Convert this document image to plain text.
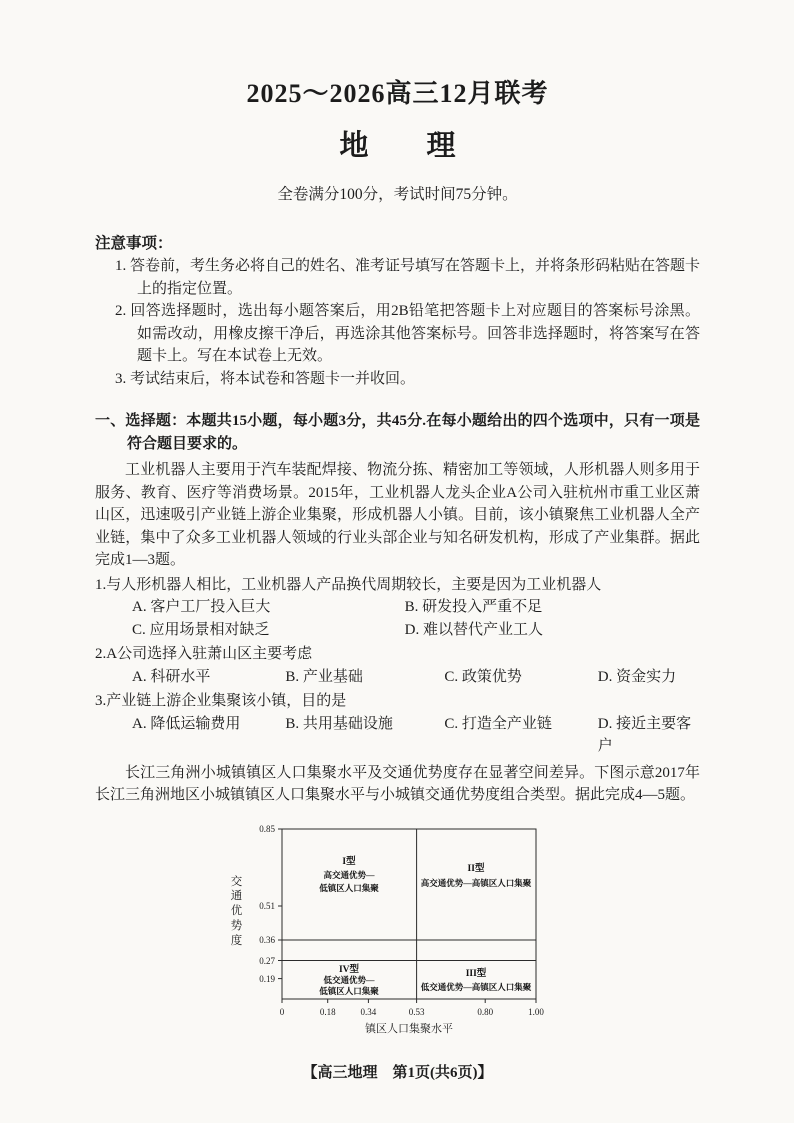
2025～2026高三12月联考
地　　理
全卷满分100分，考试时间75分钟。
注意事项：
1. 答卷前，考生务必将自己的姓名、准考证号填写在答题卡上，并将条形码粘贴在答题卡上的指定位置。
2. 回答选择题时，选出每小题答案后，用2B铅笔把答题卡上对应题目的答案标号涂黑。如需改动，用橡皮擦干净后，再选涂其他答案标号。回答非选择题时，将答案写在答题卡上。写在本试卷上无效。
3. 考试结束后，将本试卷和答题卡一并收回。
一、选择题：本题共15小题，每小题3分，共45分.在每小题给出的四个选项中，只有一项是符合题目要求的。
工业机器人主要用于汽车装配焊接、物流分拣、精密加工等领域，人形机器人则多用于服务、教育、医疗等消费场景。2015年，工业机器人龙头企业A公司入驻杭州市重工业区萧山区，迅速吸引产业链上游企业集聚，形成机器人小镇。目前，该小镇聚焦工业机器人全产业链，集中了众多工业机器人领域的行业头部企业与知名研发机构，形成了产业集群。据此完成1—3题。
1.与人形机器人相比，工业机器人产品换代周期较长，主要是因为工业机器人
A. 客户工厂投入巨大	B. 研发投入严重不足
C. 应用场景相对缺乏	D. 难以替代产业工人
2.A公司选择入驻萧山区主要考虑
A. 科研水平	B. 产业基础	C. 政策优势	D. 资金实力
3.产业链上游企业集聚该小镇，目的是
A. 降低运输费用	B. 共用基础设施	C. 打造全产业链	D. 接近主要客户
长江三角洲小城镇镇区人口集聚水平及交通优势度存在显著空间差异。下图示意2017年长江三角洲地区小城镇镇区人口集聚水平与小城镇交通优势度组合类型。据此完成4—5题。
交通优势度
0.85
0.51
0.36
0.27
0.19
0	0.18	0.34	0.53	0.80	1.00
I型
高交通优势—
低镇区人口集聚
II型
高交通优势—高镇区人口集聚
IV型
低交通优势—
低镇区人口集聚
III型
低交通优势—高镇区人口集聚
镇区人口集聚水平
【高三地理　第1页(共6页)】
